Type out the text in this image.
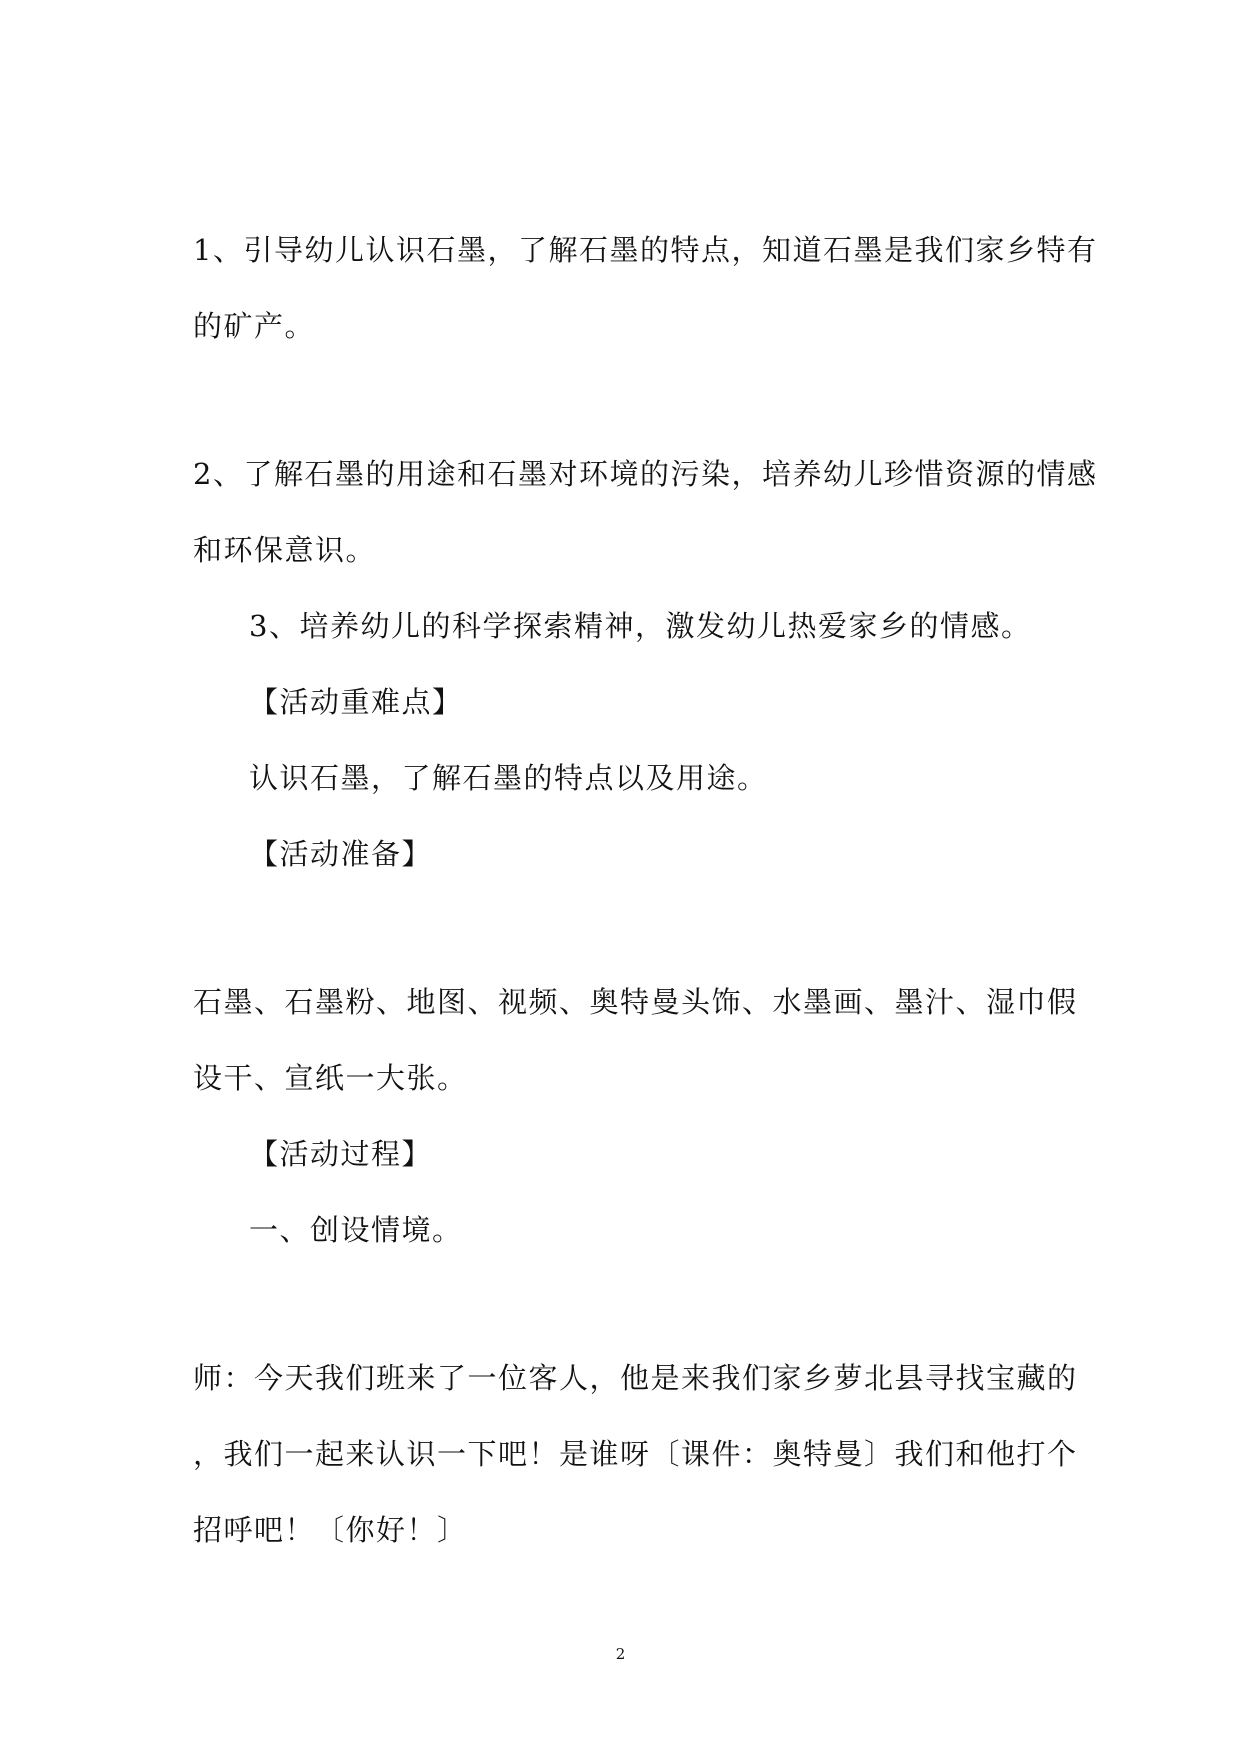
1、引导幼儿认识石墨，了解石墨的特点，知道石墨是我们家乡特有
的矿产。
2、了解石墨的用途和石墨对环境的污染，培养幼儿珍惜资源的情感
和环保意识。
3、培养幼儿的科学探索精神，激发幼儿热爱家乡的情感。
【活动重难点】
认识石墨，了解石墨的特点以及用途。
【活动准备】
石墨、石墨粉、地图、视频、奥特曼头饰、水墨画、墨汁、湿巾假
设干、宣纸一大张。
【活动过程】
一、创设情境。
师：今天我们班来了一位客人，他是来我们家乡萝北县寻找宝藏的
，我们一起来认识一下吧！是谁呀〔课件：奥特曼〕我们和他打个
招呼吧！〔你好！〕
2
